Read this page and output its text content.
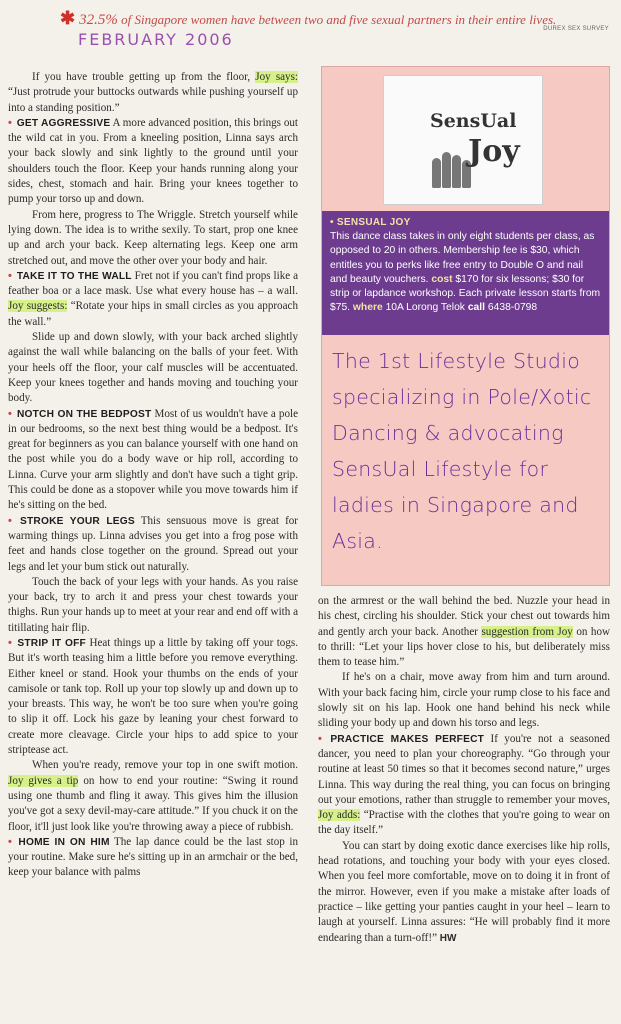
✱ 32.5% of Singapore women have between two and five sexual partners in their entire lives.
DUREX SEX SURVEY
FEBRUARY 2006

If you have trouble getting up from the floor, Joy says: “Just protrude your buttocks outwards while pushing yourself up into a standing position.”

• GET AGGRESSIVE A more advanced position, this brings out the wild cat in you. From a kneeling position, Linna says arch your back slowly and sink lightly to the ground until your shoulders touch the floor. Keep your hands running along your sides, chest, stomach and hair. Bring your knees together to pump your torso up and down.

From here, progress to The Wriggle. Stretch yourself while lying down. The idea is to writhe sexily. To start, prop one knee up and arch your back. Keep alternating legs. Keep one arm stretched out, and move the other over your body and hair.

• TAKE IT TO THE WALL Fret not if you can't find props like a feather boa or a lace mask. Use what every house has – a wall. Joy suggests: “Rotate your hips in small circles as you approach the wall.”

Slide up and down slowly, with your back arched slightly against the wall while balancing on the balls of your feet. With your heels off the floor, your calf muscles will be accentuated. Keep your knees together and hands moving and touching your body.

• NOTCH ON THE BEDPOST Most of us wouldn't have a pole in our bedrooms, so the next best thing would be a bedpost. It's great for beginners as you can balance yourself with one hand on the post while you do a body wave or hip roll, according to Linna. Curve your arm slightly and don't have such a tight grip. This could be done as a stopover while you move towards him if he's sitting on the bed.

• STROKE YOUR LEGS This sensuous move is great for warming things up. Linna advises you get into a frog pose with feet and hands close together on the ground. Spread out your legs and let your bum stick out naturally.

Touch the back of your legs with your hands. As you raise your back, try to arch it and press your chest towards your thighs. Run your hands up to meet at your rear and end off with a titillating hair flip.

• STRIP IT OFF Heat things up a little by taking off your togs. But it's worth teasing him a little before you remove everything. Either kneel or stand. Hook your thumbs on the ends of your camisole or tank top. Roll up your top slowly up and down up to your breasts. This way, he won't be too sure when you're going to slip it off. Lock his gaze by leaning your chest forward to create more cleavage. Circle your hips to add spice to your striptease act.

When you're ready, remove your top in one swift motion. Joy gives a tip on how to end your routine: “Swing it round using one thumb and fling it away. This gives him the illusion you've got a sexy devil-may-care attitude.” If you chuck it on the floor, it'll just look like you're throwing away a piece of rubbish.

• HOME IN ON HIM The lap dance could be the last stop in your routine. Make sure he's sitting up in an armchair or the bed, keep your balance with palms

SensUal
Joy
• SENSUAL JOY
This dance class takes in only eight students per class, as opposed to 20 in others. Membership fee is $30, which entitles you to perks like free entry to Double O and nail and beauty vouchers. cost $170 for six lessons; $30 for strip or lapdance workshop. Each private lesson starts from $75. where 10A Lorong Telok call 6438-0798
The 1st Lifestyle Studio specializing in Pole/Xotic Dancing & advocating SensUal Lifestyle for ladies in Singapore and Asia.

on the armrest or the wall behind the bed. Nuzzle your head in his chest, circling his shoulder. Stick your chest out towards him and gently arch your back. Another suggestion from Joy on how to thrill: “Let your lips hover close to his, but deliberately miss them to tease him.”

If he's on a chair, move away from him and turn around. With your back facing him, circle your rump close to his face and slowly sit on his lap. Hook one hand behind his neck while sliding your body up and down his torso and legs.

• PRACTICE MAKES PERFECT If you're not a seasoned dancer, you need to plan your choreography. “Go through your routine at least 50 times so that it becomes second nature,” urges Linna. This way during the real thing, you can focus on bringing out your emotions, rather than struggle to remember your moves, Joy adds: “Practise with the clothes that you're going to wear on the day itself.”

You can start by doing exotic dance exercises like hip rolls, head rotations, and touching your body with your eyes closed. When you feel more comfortable, move on to doing it in front of the mirror. However, even if you make a mistake after loads of practice – like getting your panties caught in your heel – learn to laugh at yourself. Linna assures: “He will probably find it more endearing than a turn-off!” HW
